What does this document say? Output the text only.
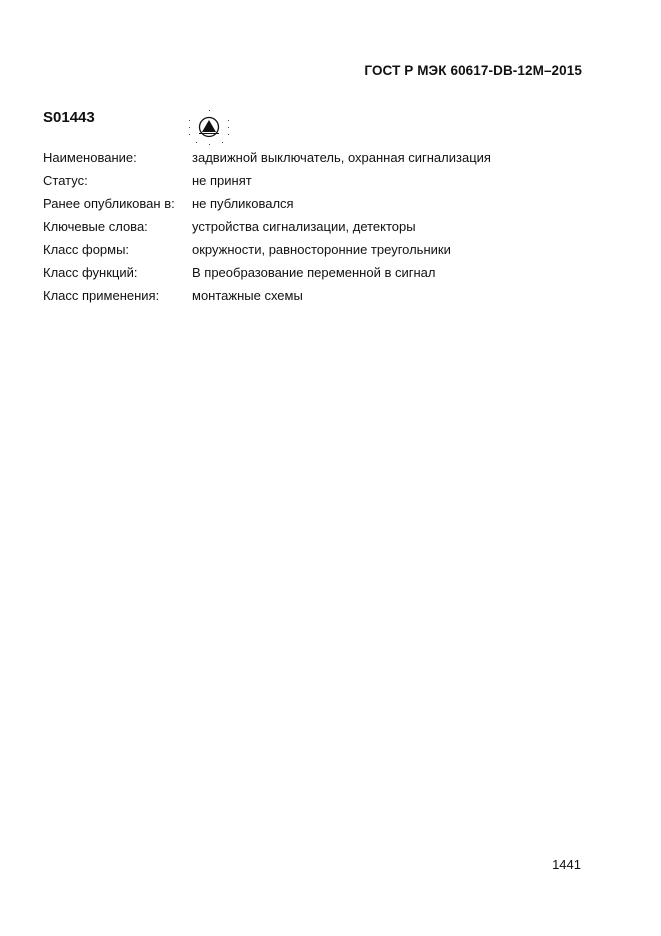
ГОСТ Р МЭК 60617-DB-12M–2015
S01443
Наименование:	задвижной выключатель, охранная сигнализация
Статус:	не принят
Ранее опубликован в:	не публиковался
Ключевые слова:	устройства сигнализации, детекторы
Класс формы:	окружности, равносторонние треугольники
Класс функций:	В преобразование переменной в сигнал
Класс применения:	монтажные схемы
1441
